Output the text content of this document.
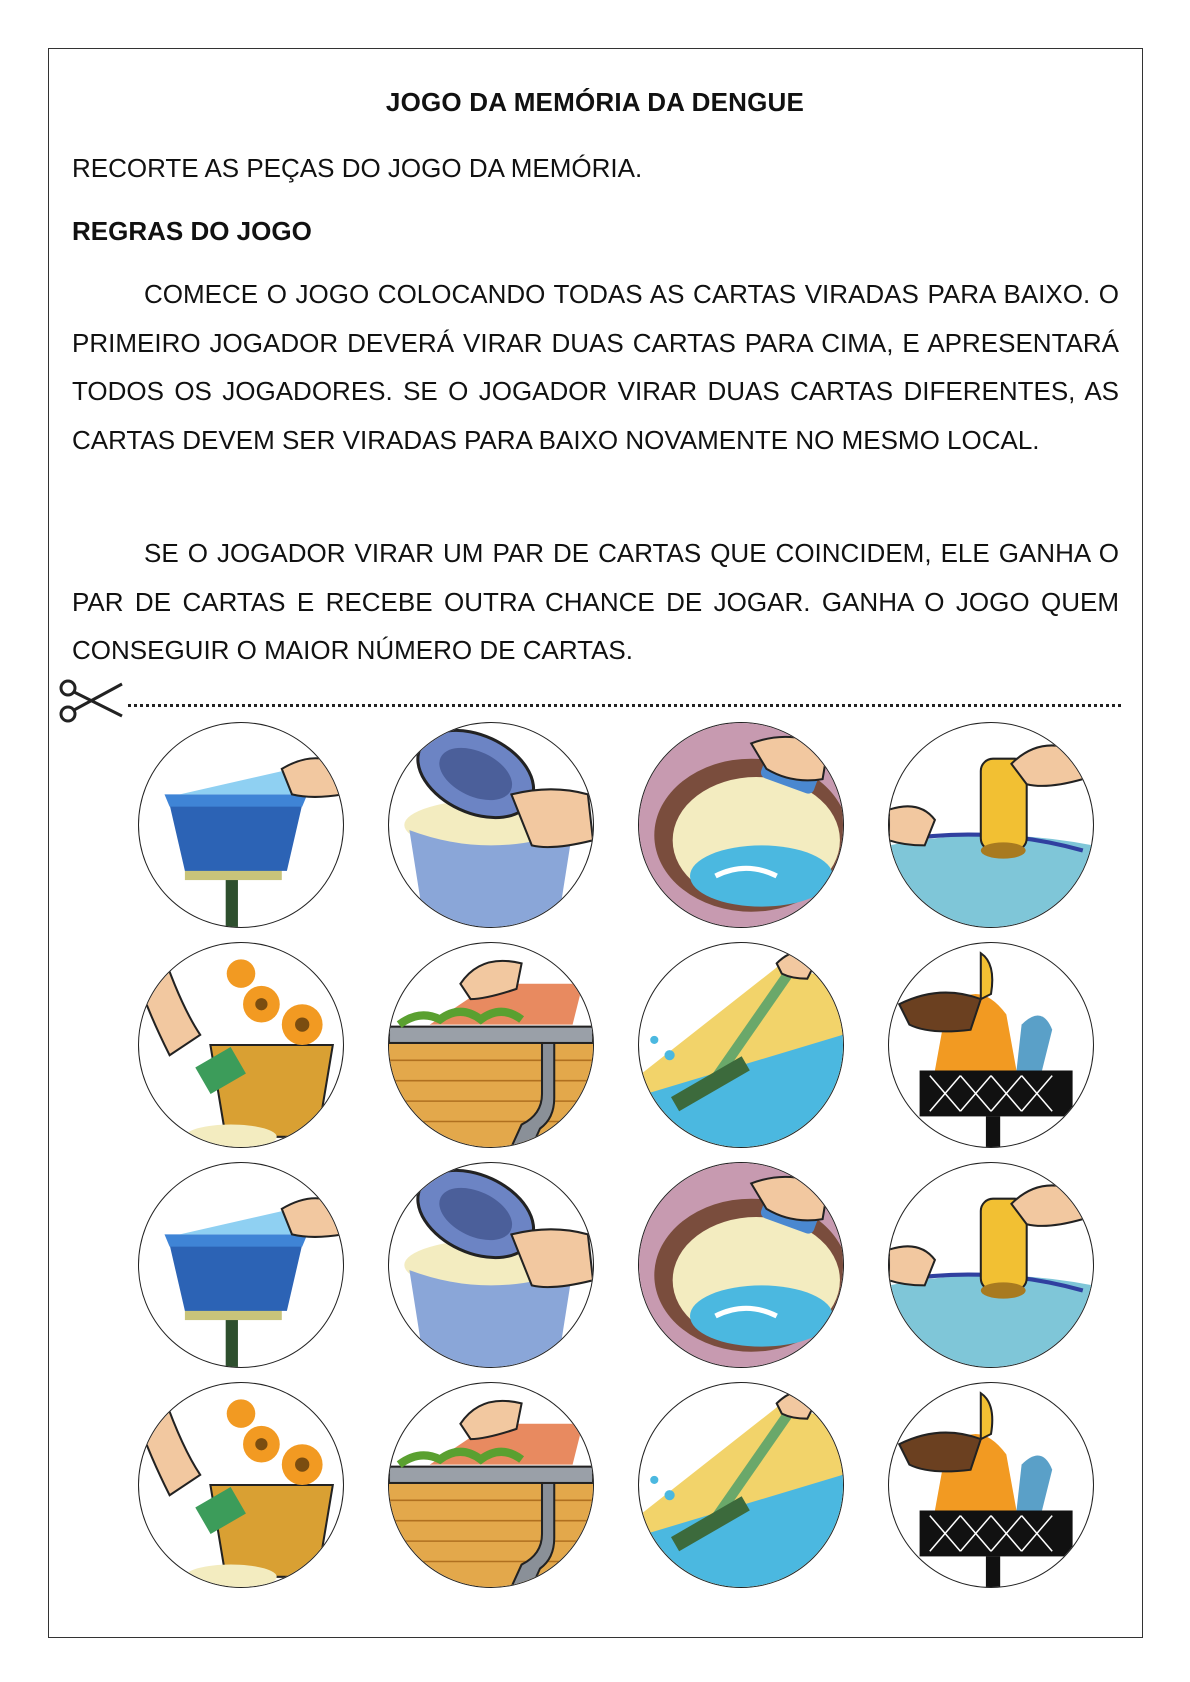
JOGO DA MEMÓRIA DA DENGUE
RECORTE AS PEÇAS DO JOGO DA MEMÓRIA.
REGRAS DO JOGO

COMECE O JOGO COLOCANDO TODAS AS CARTAS VIRADAS PARA BAIXO. O PRIMEIRO JOGADOR DEVERÁ VIRAR DUAS CARTAS PARA CIMA, E APRESENTARÁ TODOS OS JOGADORES. SE O JOGADOR VIRAR DUAS CARTAS DIFERENTES, AS CARTAS DEVEM SER VIRADAS PARA BAIXO NOVAMENTE NO MESMO LOCAL.

SE O JOGADOR VIRAR UM PAR DE CARTAS QUE COINCIDEM, ELE GANHA O PAR DE CARTAS E RECEBE OUTRA CHANCE DE JOGAR. GANHA O JOGO QUEM CONSEGUIR O MAIOR NÚMERO DE CARTAS.
